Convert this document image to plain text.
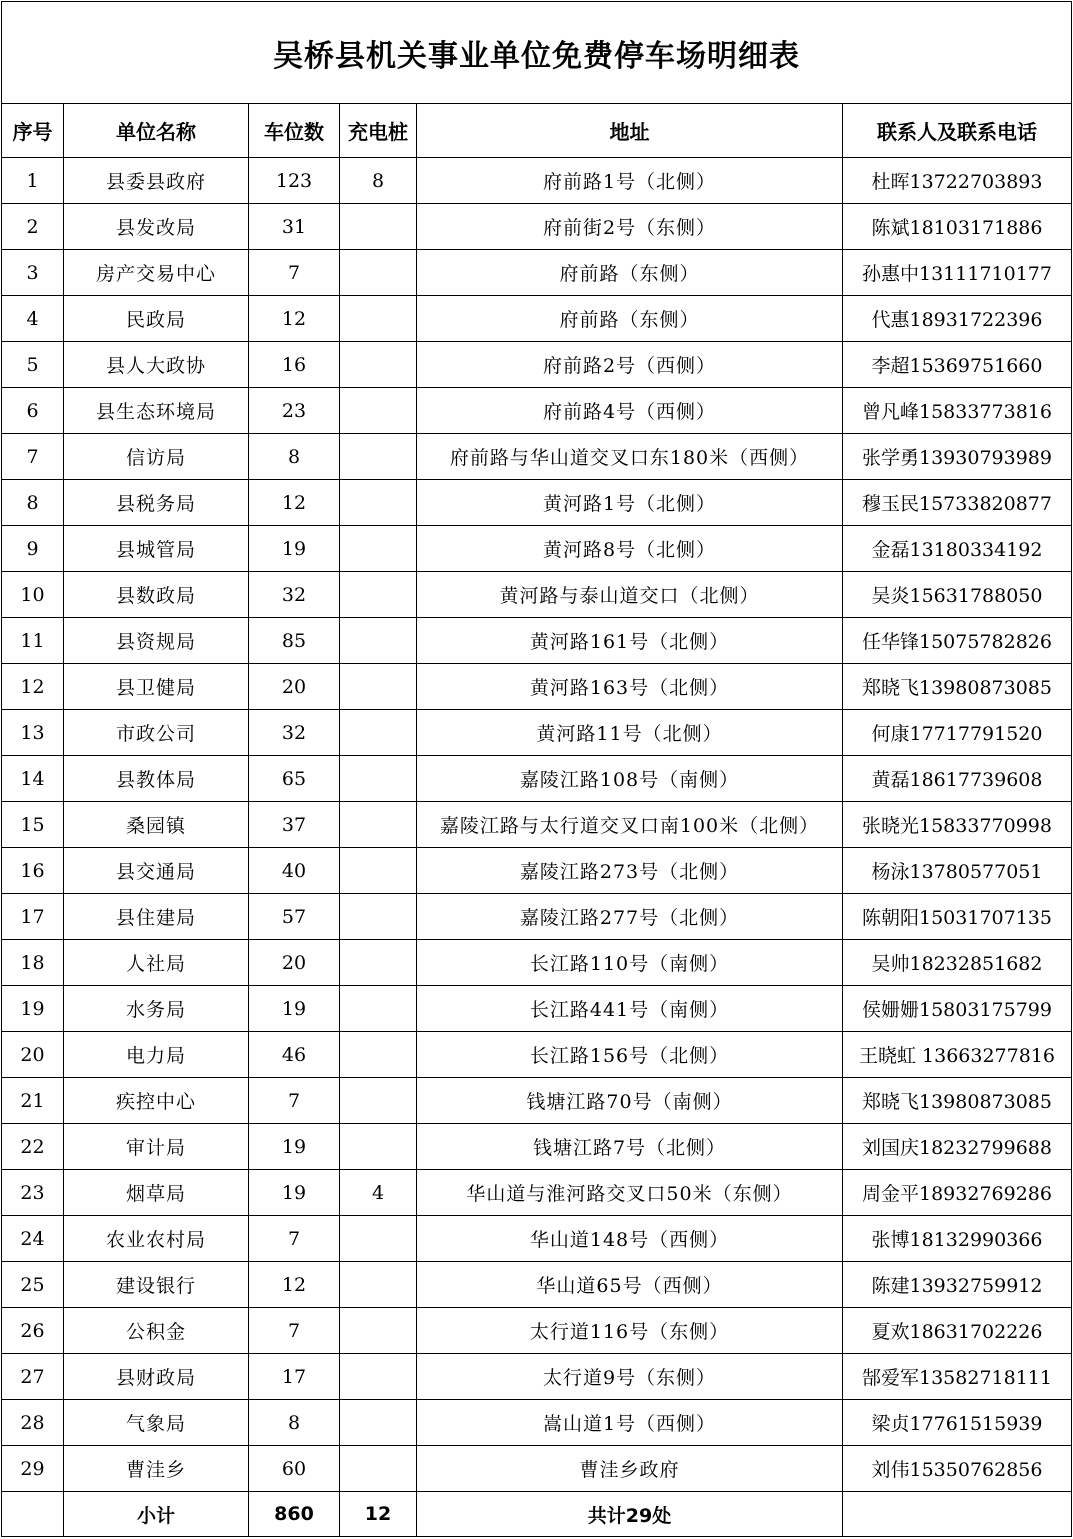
吴桥县机关事业单位免费停车场明细表					
序号	单位名称	车位数	充电桩	地址	联系人及联系电话
1	县委县政府	123	8	府前路1号（北侧）	杜晖13722703893
2	县发改局	31		府前街2号（东侧）	陈斌18103171886
3	房产交易中心	7		府前路（东侧）	孙惠中13111710177
4	民政局	12		府前路（东侧）	代惠18931722396
5	县人大政协	16		府前路2号（西侧）	李超15369751660
6	县生态环境局	23		府前路4号（西侧）	曾凡峰15833773816
7	信访局	8		府前路与华山道交叉口东180米（西侧）	张学勇13930793989
8	县税务局	12		黄河路1号（北侧）	穆玉民15733820877
9	县城管局	19		黄河路8号（北侧）	金磊13180334192
10	县数政局	32		黄河路与泰山道交口（北侧）	吴炎15631788050
11	县资规局	85		黄河路161号（北侧）	任华锋15075782826
12	县卫健局	20		黄河路163号（北侧）	郑晓飞13980873085
13	市政公司	32		黄河路11号（北侧）	何康17717791520
14	县教体局	65		嘉陵江路108号（南侧）	黄磊18617739608
15	桑园镇	37		嘉陵江路与太行道交叉口南100米（北侧）	张晓光15833770998
16	县交通局	40		嘉陵江路273号（北侧）	杨泳13780577051
17	县住建局	57		嘉陵江路277号（北侧）	陈朝阳15031707135
18	人社局	20		长江路110号（南侧）	吴帅18232851682
19	水务局	19		长江路441号（南侧）	侯姗姗15803175799
20	电力局	46		长江路156号（北侧）	王晓虹 13663277816
21	疾控中心	7		钱塘江路70号（南侧）	郑晓飞13980873085
22	审计局	19		钱塘江路7号（北侧）	刘国庆18232799688
23	烟草局	19	4	华山道与淮河路交叉口50米（东侧）	周金平18932769286
24	农业农村局	7		华山道148号（西侧）	张博18132990366
25	建设银行	12		华山道65号（西侧）	陈建13932759912
26	公积金	7		太行道116号（东侧）	夏欢18631702226
27	县财政局	17		太行道9号（东侧）	郜爱军13582718111
28	气象局	8		嵩山道1号（西侧）	梁贞17761515939
29	曹洼乡	60		曹洼乡政府	刘伟15350762856
	小计	860	12	共计29处	
